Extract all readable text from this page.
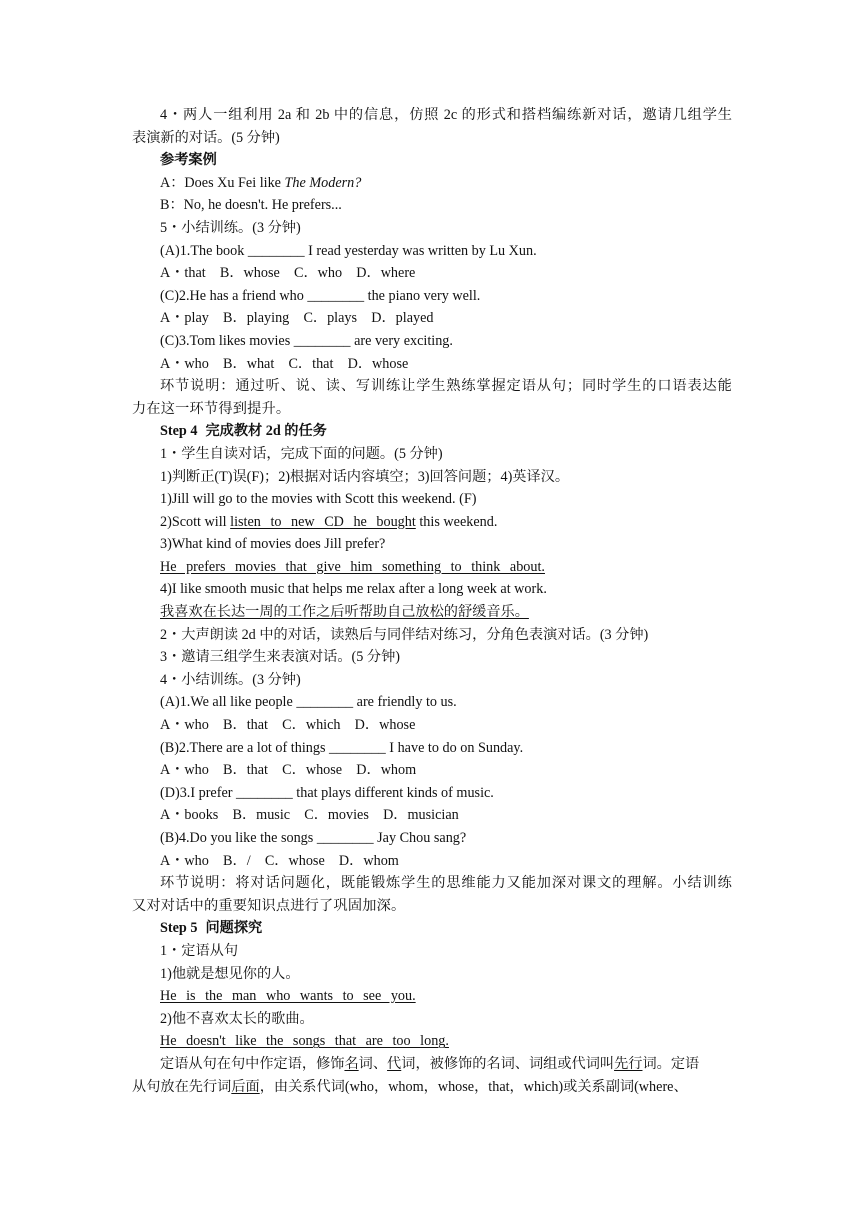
4・两人一组利用 2a 和 2b 中的信息，仿照 2c 的形式和搭档编练新对话，邀请几组学生
表演新的对话。(5 分钟)
参考案例
A：Does Xu Fei like The Modern?
B：No, he doesn't. He prefers...
5・小结训练。(3 分钟)
(A)1.The book ________ I read yesterday was written by Lu Xun.
A・that　B．whose　C．who　D．where
(C)2.He has a friend who ________ the piano very well.
A・play　B．playing　C．plays　D．played
(C)3.Tom likes movies ________ are very exciting.
A・who　B．what　C．that　D．whose
环节说明：通过听、说、读、写训练让学生熟练掌握定语从句；同时学生的口语表达能
力在这一环节得到提升。
Step 4 完成教材 2d 的任务
1・学生自读对话，完成下面的问题。(5 分钟)
1)判断正(T)误(F)；2)根据对话内容填空；3)回答问题；4)英译汉。
1)Jill will go to the movies with Scott this weekend. (F)
2)Scott will listen to new CD he bought this weekend.
3)What kind of movies does Jill prefer?
He prefers movies that give him something to think about.
4)I like smooth music that helps me relax after a long week at work.
我喜欢在长达一周的工作之后听帮助自己放松的舒缓音乐。
2・大声朗读 2d 中的对话，读熟后与同伴结对练习，分角色表演对话。(3 分钟)
3・邀请三组学生来表演对话。(5 分钟)
4・小结训练。(3 分钟)
(A)1.We all like people ________ are friendly to us.
A・who　B．that　C．which　D．whose
(B)2.There are a lot of things ________ I have to do on Sunday.
A・who　B．that　C．whose　D．whom
(D)3.I prefer ________ that plays different kinds of music.
A・books　B．music　C．movies　D．musician
(B)4.Do you like the songs ________ Jay Chou sang?
A・who　B．/　C．whose　D．whom
环节说明：将对话问题化，既能锻炼学生的思维能力又能加深对课文的理解。小结训练
又对对话中的重要知识点进行了巩固加深。
Step 5 问题探究
1・定语从句
1)他就是想见你的人。
He is the man who wants to see you.
2)他不喜欢太长的歌曲。
He doesn't like the songs that are too long.
定语从句在句中作定语，修饰名词、代词，被修饰的名词、词组或代词叫先行词。定语
从句放在先行词后面，由关系代词(who，whom，whose，that，which)或关系副词(where、
